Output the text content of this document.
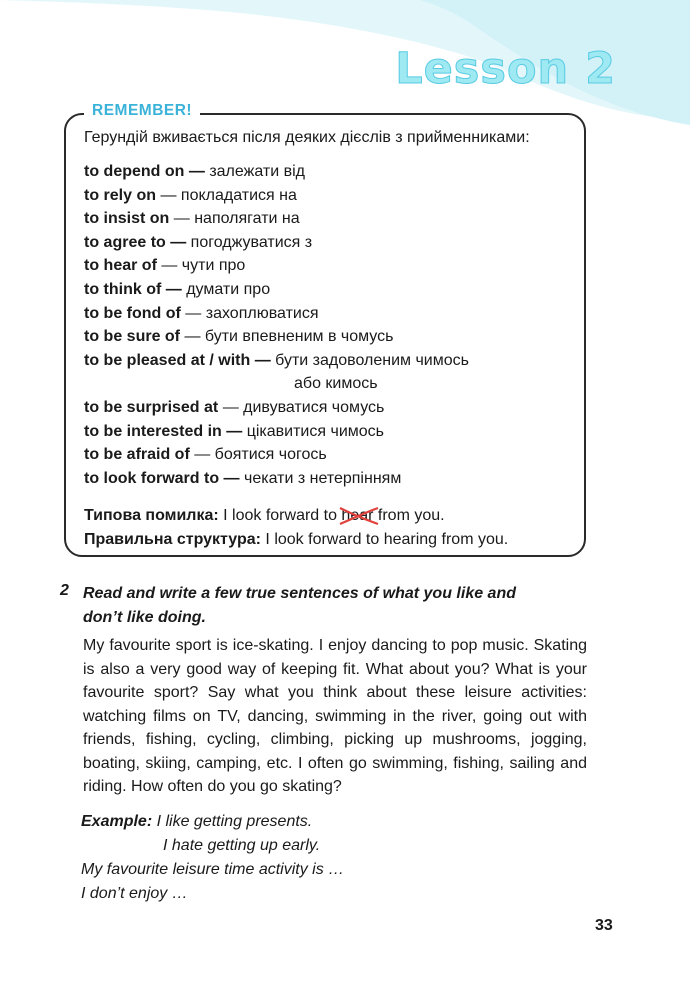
Lesson 2
REMEMBER!
Герундій вживається після деяких дієслів з прийменниками:
to depend on — залежати від
to rely on — покладатися на
to insist on — наполягати на
to agree to — погоджуватися з
to hear of — чути про
to think of — думати про
to be fond of — захоплюватися
to be sure of — бути впевненим в чомусь
to be pleased at / with — бути задоволеним чимось
або кимось
to be surprised at — дивуватися чомусь
to be interested in — цікавитися чимось
to be afraid of — боятися чогось
to look forward to — чекати з нетерпінням
Типова помилка: I look forward to hear
from you.
Правильна структура: I look forward to hearing from you.
2 Read and write a few true sentences of what you like and don’t like doing.
My favourite sport is ice-skating. I enjoy dancing to pop music. Skating is also a very good way of keeping fit. What about you? What is your favourite sport? Say what you think about these leisure activities: watching films on TV, dancing, swimming in the river, going out with friends, fishing, cycling, climbing, picking up mushrooms, jogging, boating, skiing, camping, etc. I often go swimming, fishing, sailing and riding. How often do you go skating?
Example: I like getting presents.
I hate getting up early.
My favourite leisure time activity is …
I don’t enjoy …
33
